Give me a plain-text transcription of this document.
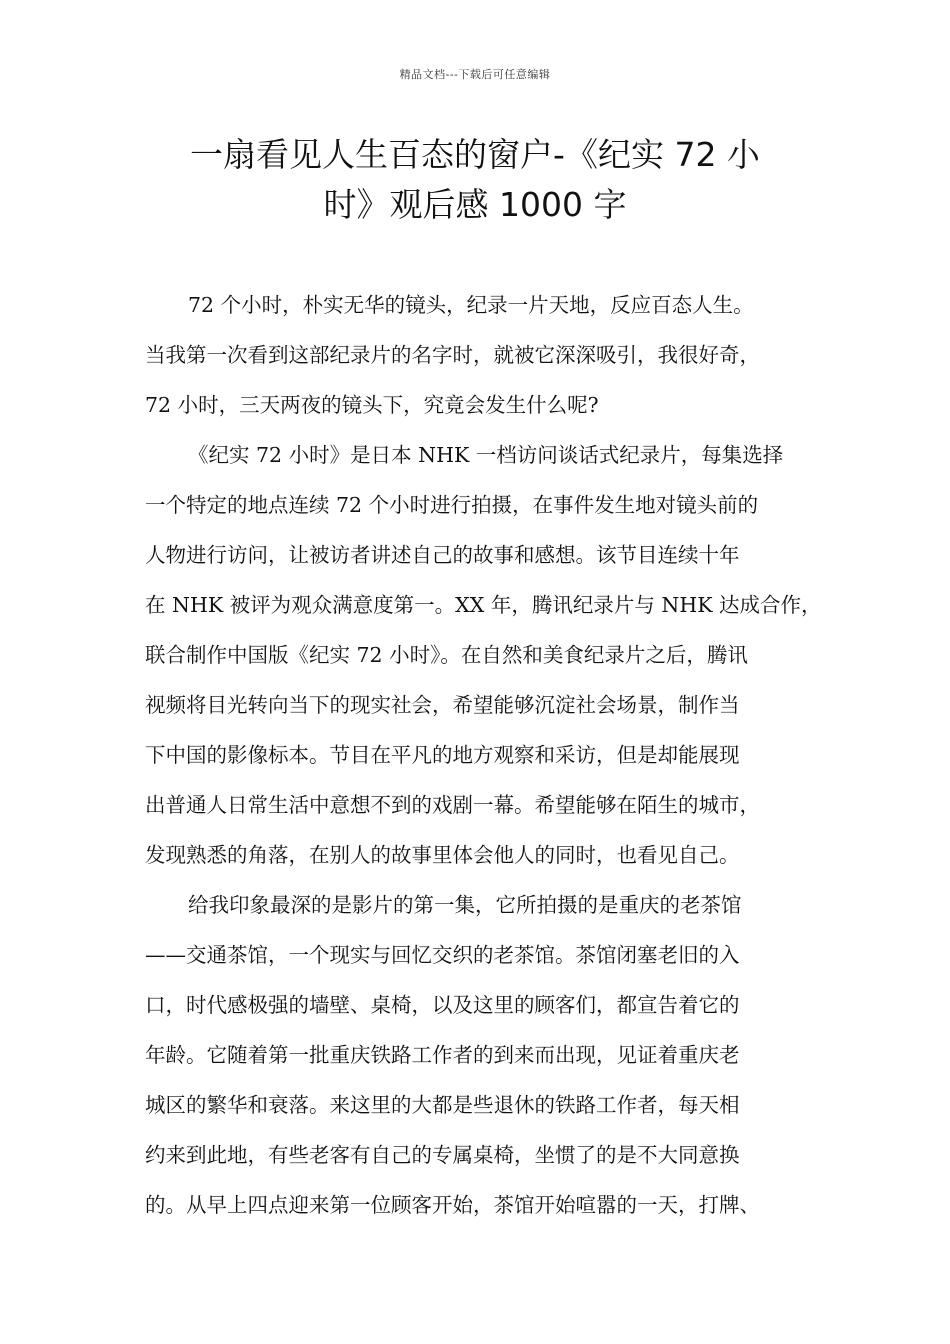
精品文档---下载后可任意编辑
一扇看见人生百态的窗户-《纪实 72 小
时》观后感 1000 字
72 个小时，朴实无华的镜头，纪录一片天地，反应百态人生。
当我第一次看到这部纪录片的名字时，就被它深深吸引，我很好奇，
72 小时，三天两夜的镜头下，究竟会发生什么呢?
《纪实 72 小时》是日本 NHK 一档访问谈话式纪录片，每集选择
一个特定的地点连续 72 个小时进行拍摄，在事件发生地对镜头前的
人物进行访问，让被访者讲述自己的故事和感想。该节目连续十年
在 NHK 被评为观众满意度第一。XX 年，腾讯纪录片与 NHK 达成合作，
联合制作中国版《纪实 72 小时》。在自然和美食纪录片之后，腾讯
视频将目光转向当下的现实社会，希望能够沉淀社会场景，制作当
下中国的影像标本。节目在平凡的地方观察和采访，但是却能展现
出普通人日常生活中意想不到的戏剧一幕。希望能够在陌生的城市，
发现熟悉的角落，在别人的故事里体会他人的同时，也看见自己。
给我印象最深的是影片的第一集，它所拍摄的是重庆的老茶馆
——交通茶馆，一个现实与回忆交织的老茶馆。茶馆闭塞老旧的入
口，时代感极强的墙壁、桌椅，以及这里的顾客们，都宣告着它的
年龄。它随着第一批重庆铁路工作者的到来而出现，见证着重庆老
城区的繁华和衰落。来这里的大都是些退休的铁路工作者，每天相
约来到此地，有些老客有自己的专属桌椅，坐惯了的是不大同意换
的。从早上四点迎来第一位顾客开始，茶馆开始喧嚣的一天，打牌、
